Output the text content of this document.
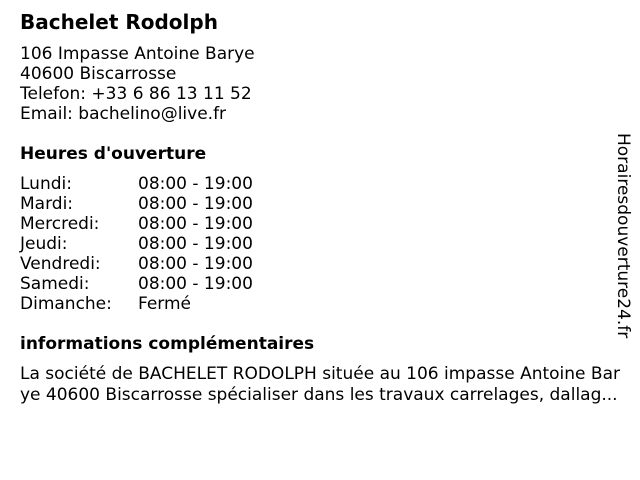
Bachelet Rodolph
106 Impasse Antoine Barye
40600 Biscarrosse
Telefon: +33 6 86 13 11 52
Email: bachelino@live.fr
Heures d'ouverture
Lundi:	08:00 - 19:00
Mardi:	08:00 - 19:00
Mercredi:	08:00 - 19:00
Jeudi:	08:00 - 19:00
Vendredi:	08:00 - 19:00
Samedi:	08:00 - 19:00
Dimanche:	Fermé
informations complémentaires
La société de BACHELET RODOLPH située au 106 impasse Antoine Bar
ye 40600 Biscarrosse spécialiser dans les travaux carrelages, dallag...
Horairesdouverture24.fr
